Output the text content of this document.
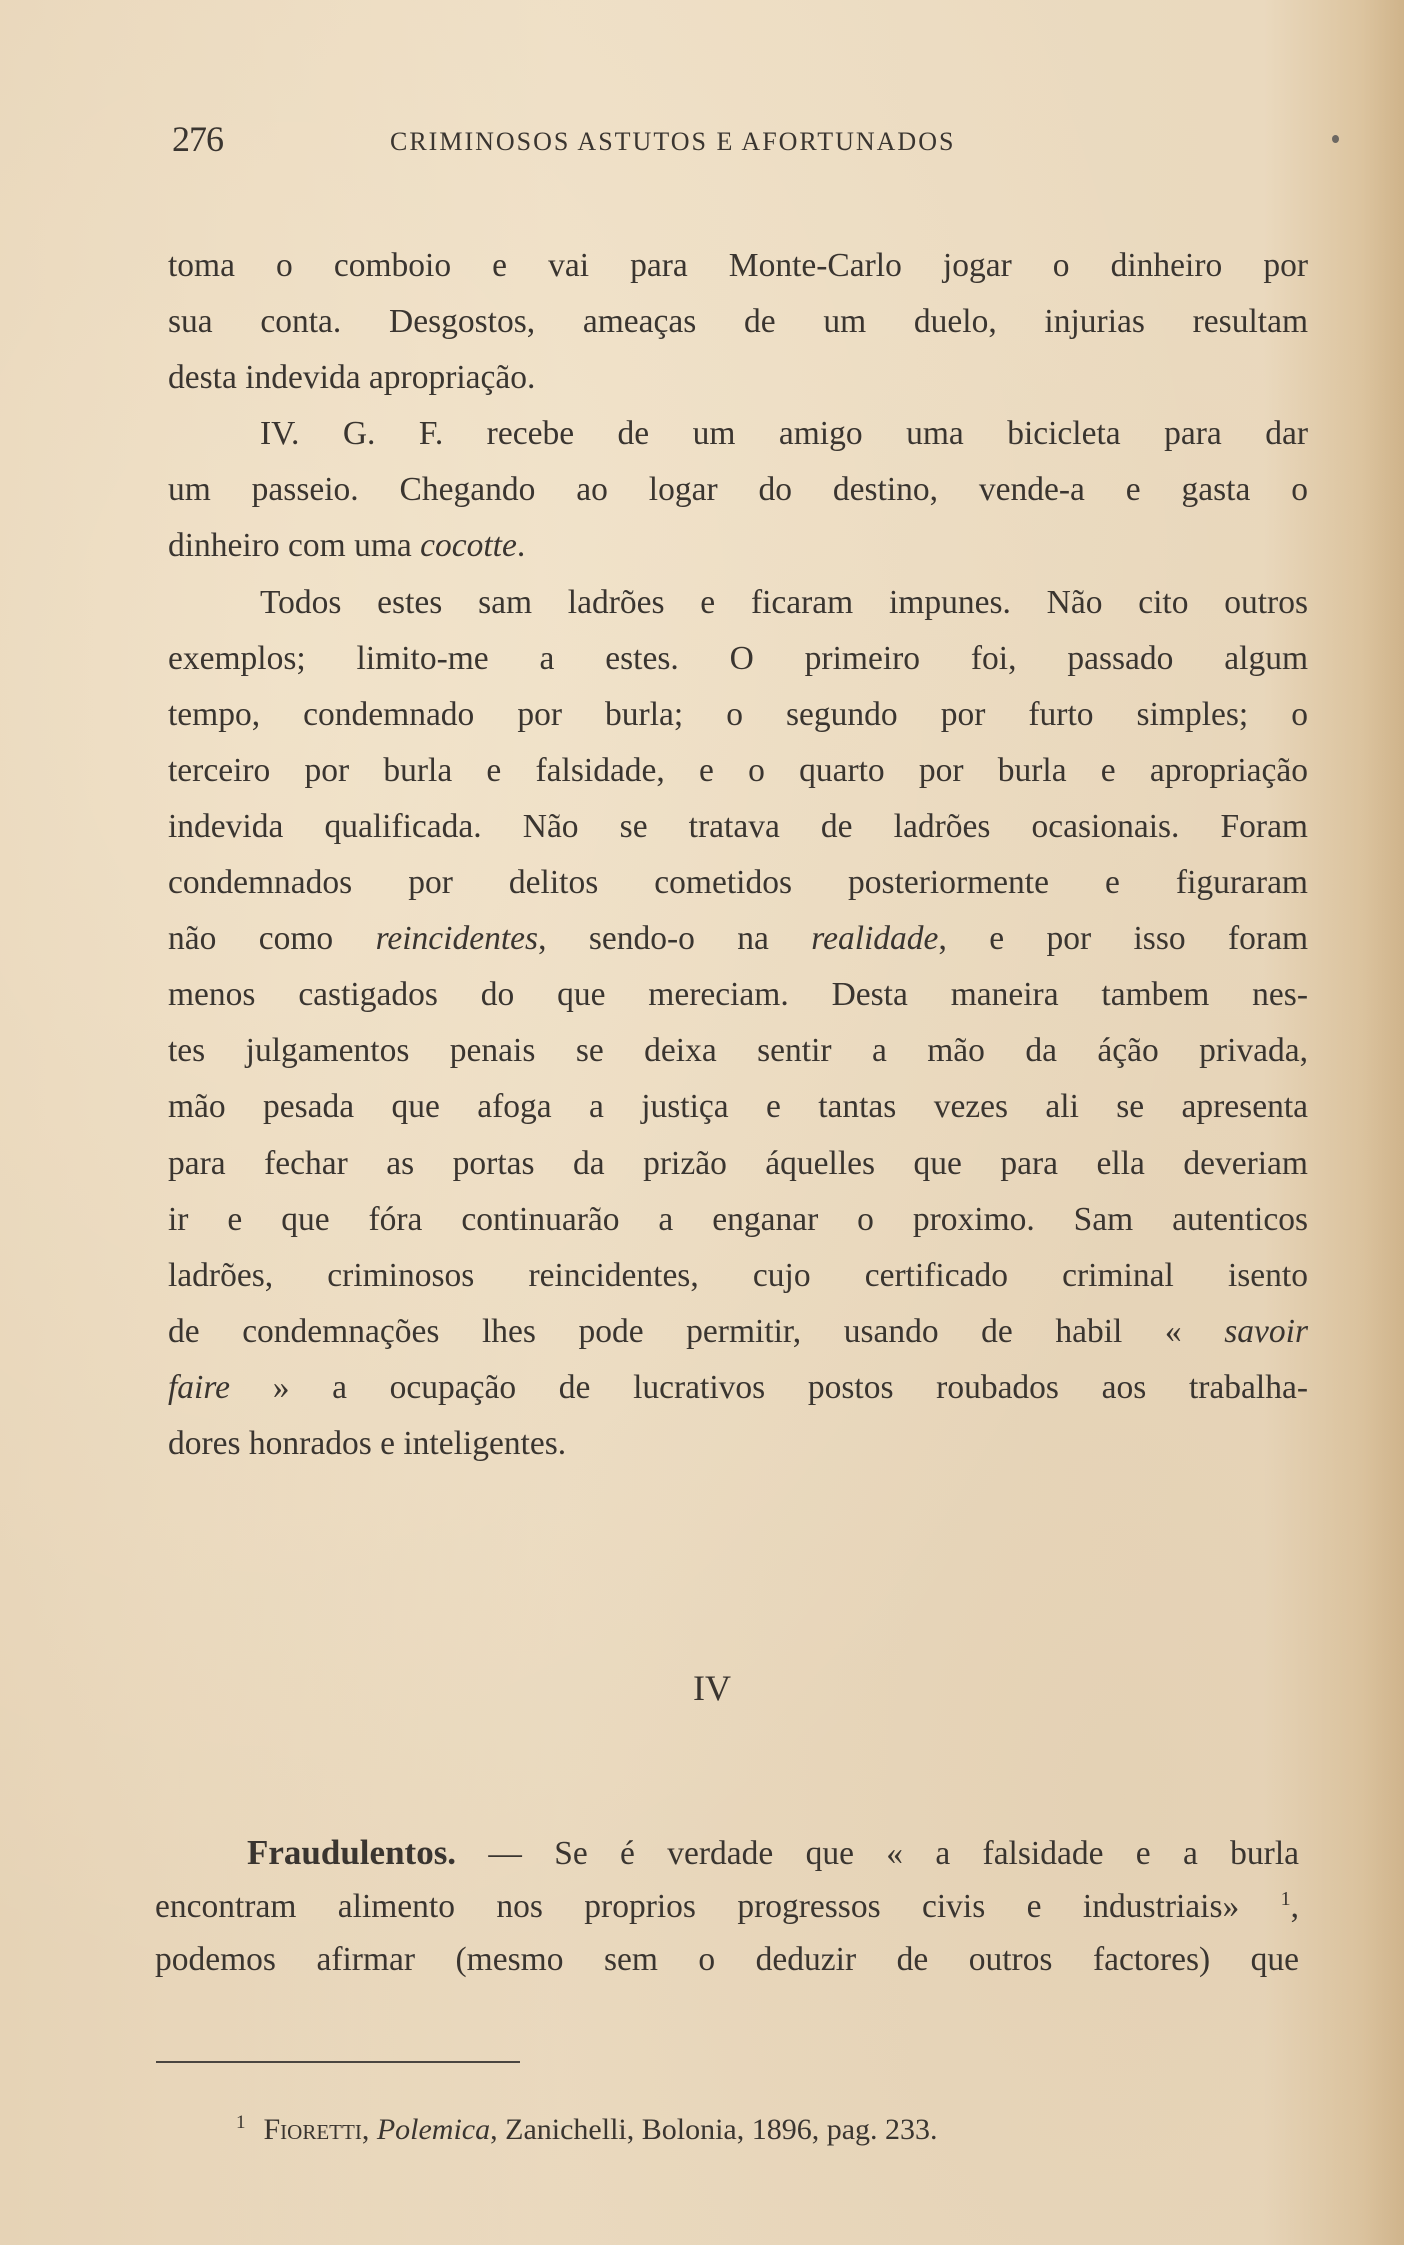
276	CRIMINOSOS ASTUTOS E AFORTUNADOS

toma o comboio e vai para Monte-Carlo jogar o dinheiro por
sua conta. Desgostos, ameaças de um duelo, injurias resultam
desta indevida apropriação.

IV. G. F. recebe de um amigo uma bicicleta para dar
um passeio. Chegando ao logar do destino, vende-a e gasta o
dinheiro com uma cocotte.

Todos estes sam ladrões e ficaram impunes. Não cito outros
exemplos; limito-me a estes. O primeiro foi, passado algum
tempo, condemnado por burla; o segundo por furto simples; o
terceiro por burla e falsidade, e o quarto por burla e apropriação
indevida qualificada. Não se tratava de ladrões ocasionais. Foram
condemnados por delitos cometidos posteriormente e figuraram
não como reincidentes, sendo-o na realidade, e por isso foram
menos castigados do que mereciam. Desta maneira tambem nes-
tes julgamentos penais se deixa sentir a mão da áção privada,
mão pesada que afoga a justiça e tantas vezes ali se apresenta
para fechar as portas da prizão áquelles que para ella deveriam
ir e que fóra continuarão a enganar o proximo. Sam autenticos
ladrões, criminosos reincidentes, cujo certificado criminal isento
de condemnações lhes pode permitir, usando de habil « savoir
faire » a ocupação de lucrativos postos roubados aos trabalha-
dores honrados e inteligentes.

IV
Fraudulentos. — Se é verdade que « a falsidade e a burla
encontram alimento nos proprios progressos civis e industriais» $^1$,
podemos afirmar (mesmo sem o deduzir de outros factores) que
$^1$ Fioretti, Polemica, Zanichelli, Bolonia, 1896, pag. 233.
